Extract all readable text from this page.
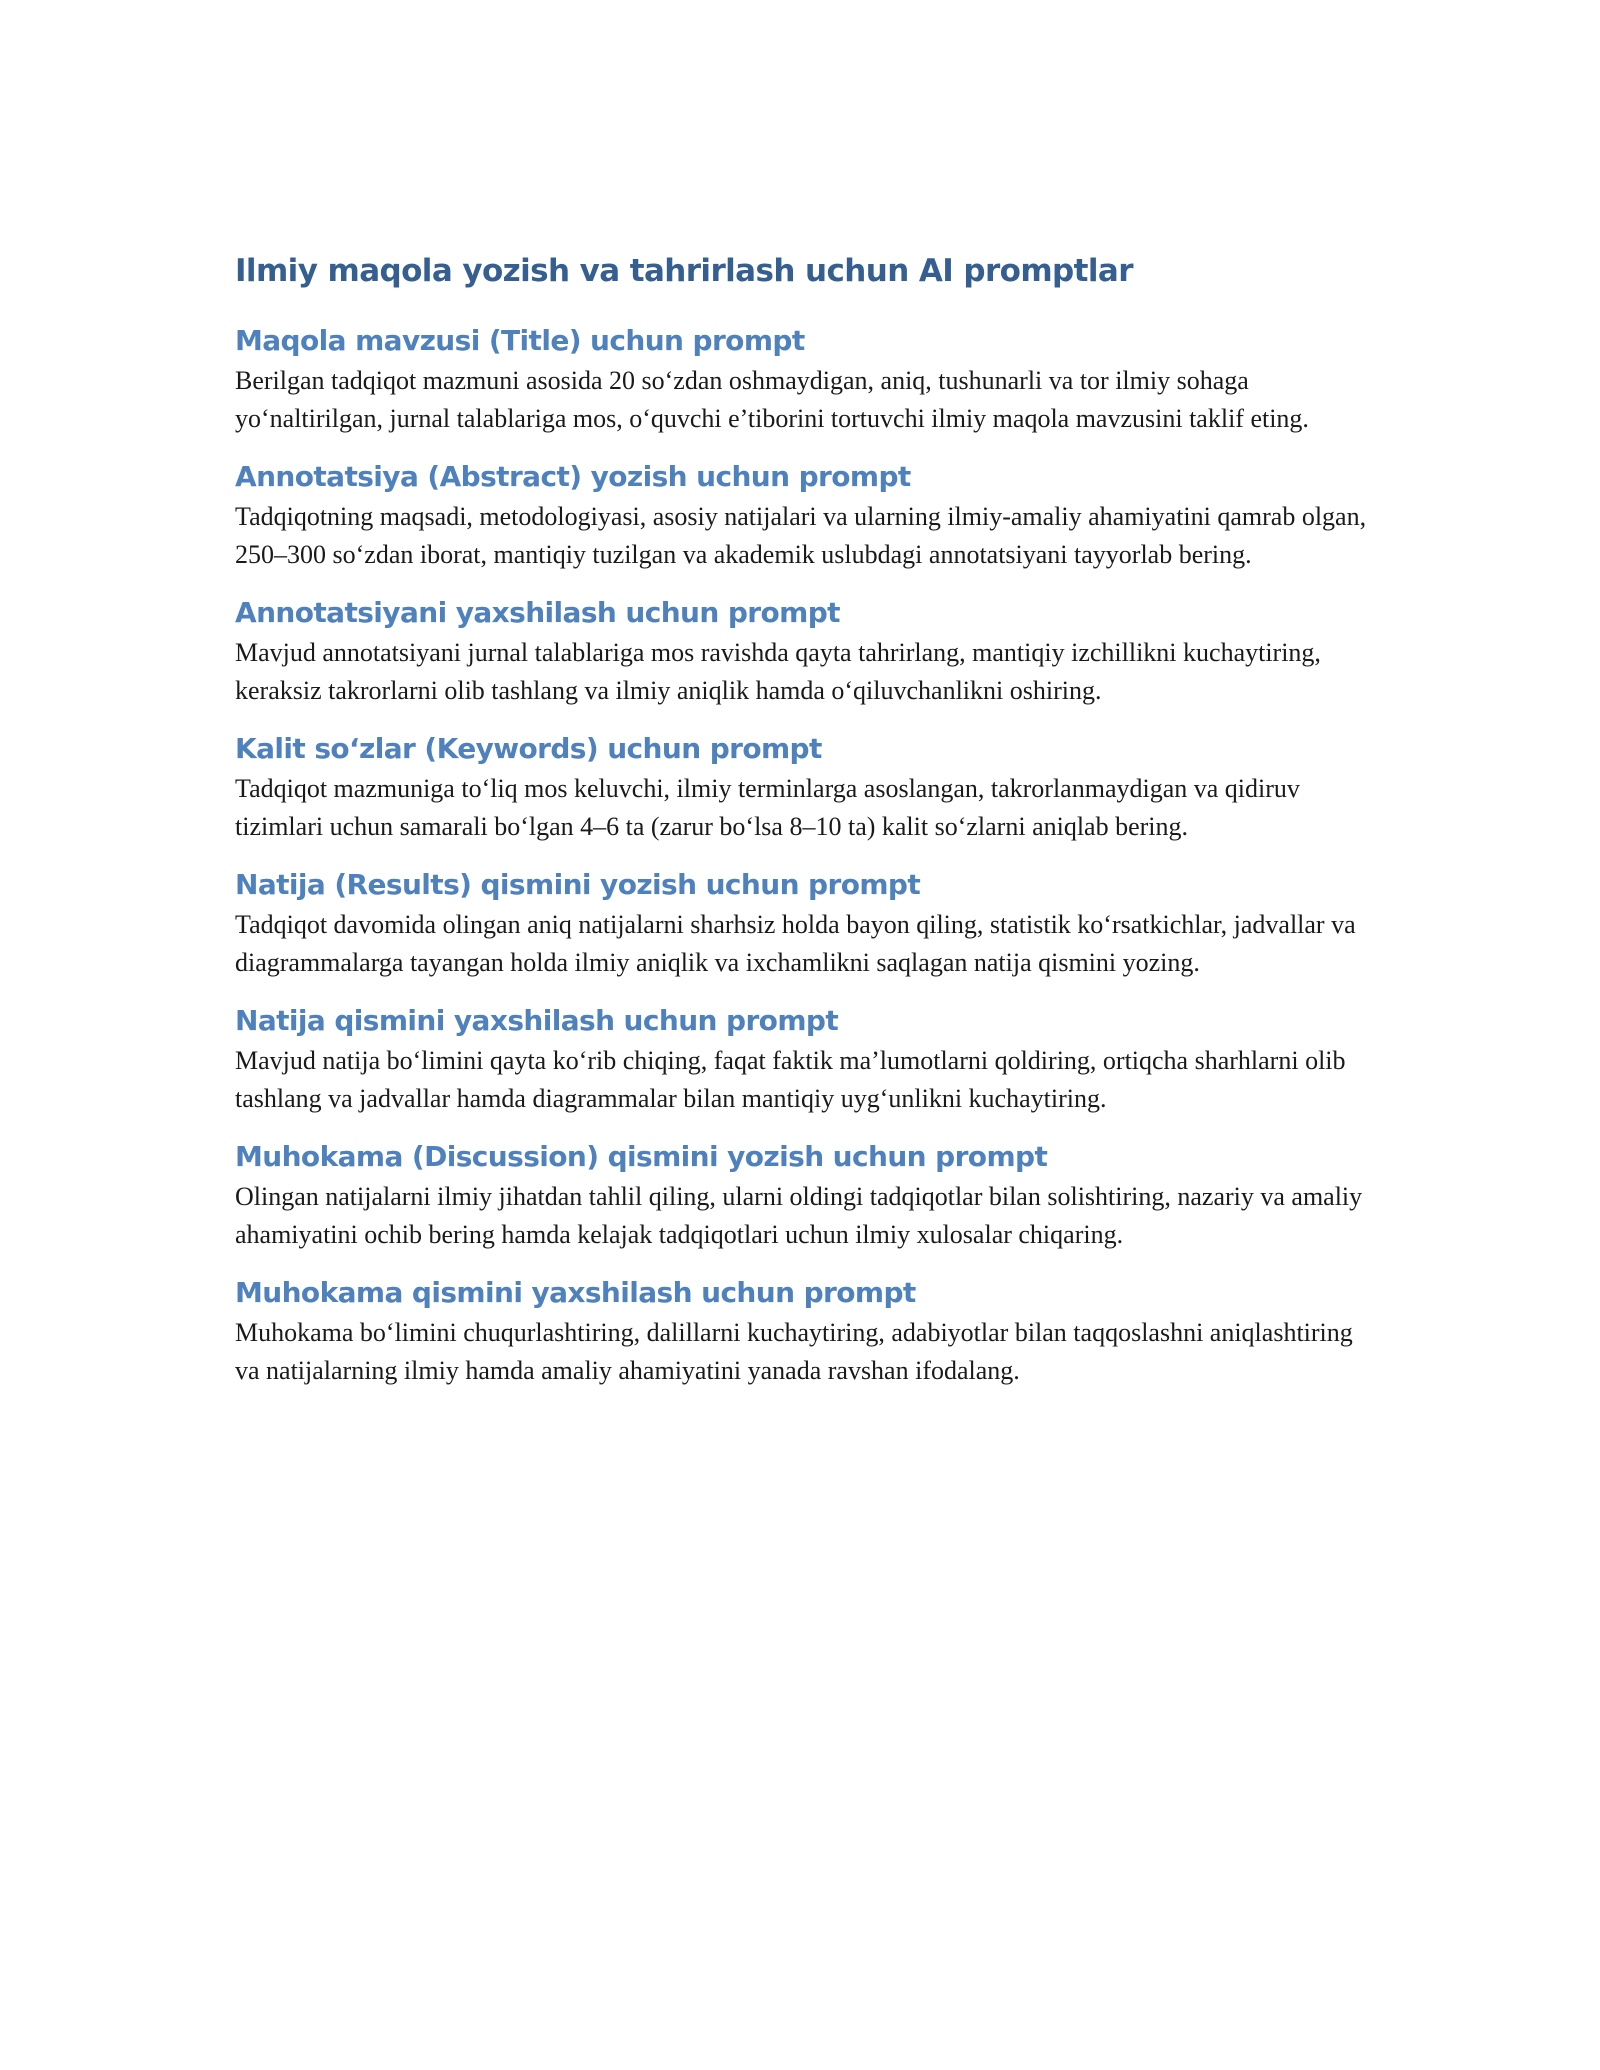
Ilmiy maqola yozish va tahrirlash uchun AI promptlar
Maqola mavzusi (Title) uchun prompt

Berilgan tadqiqot mazmuni asosida 20 so‘zdan oshmaydigan, aniq, tushunarli va tor ilmiy sohaga yo‘naltirilgan, jurnal talablariga mos, o‘quvchi e’tiborini tortuvchi ilmiy maqola mavzusini taklif eting.

Annotatsiya (Abstract) yozish uchun prompt

Tadqiqotning maqsadi, metodologiyasi, asosiy natijalari va ularning ilmiy-amaliy ahamiyatini qamrab olgan, 250–300 so‘zdan iborat, mantiqiy tuzilgan va akademik uslubdagi annotatsiyani tayyorlab bering.

Annotatsiyani yaxshilash uchun prompt

Mavjud annotatsiyani jurnal talablariga mos ravishda qayta tahrirlang, mantiqiy izchillikni kuchaytiring, keraksiz takrorlarni olib tashlang va ilmiy aniqlik hamda o‘qiluvchanlikni oshiring.

Kalit so‘zlar (Keywords) uchun prompt

Tadqiqot mazmuniga to‘liq mos keluvchi, ilmiy terminlarga asoslangan, takrorlanmaydigan va qidiruv tizimlari uchun samarali bo‘lgan 4–6 ta (zarur bo‘lsa 8–10 ta) kalit so‘zlarni aniqlab bering.

Natija (Results) qismini yozish uchun prompt

Tadqiqot davomida olingan aniq natijalarni sharhsiz holda bayon qiling, statistik ko‘rsatkichlar, jadvallar va diagrammalarga tayangan holda ilmiy aniqlik va ixchamlikni saqlagan natija qismini yozing.

Natija qismini yaxshilash uchun prompt

Mavjud natija bo‘limini qayta ko‘rib chiqing, faqat faktik ma’lumotlarni qoldiring, ortiqcha sharhlarni olib tashlang va jadvallar hamda diagrammalar bilan mantiqiy uyg‘unlikni kuchaytiring.

Muhokama (Discussion) qismini yozish uchun prompt

Olingan natijalarni ilmiy jihatdan tahlil qiling, ularni oldingi tadqiqotlar bilan solishtiring, nazariy va amaliy ahamiyatini ochib bering hamda kelajak tadqiqotlari uchun ilmiy xulosalar chiqaring.

Muhokama qismini yaxshilash uchun prompt

Muhokama bo‘limini chuqurlashtiring, dalillarni kuchaytiring, adabiyotlar bilan taqqoslashni aniqlashtiring va natijalarning ilmiy hamda amaliy ahamiyatini yanada ravshan ifodalang.
